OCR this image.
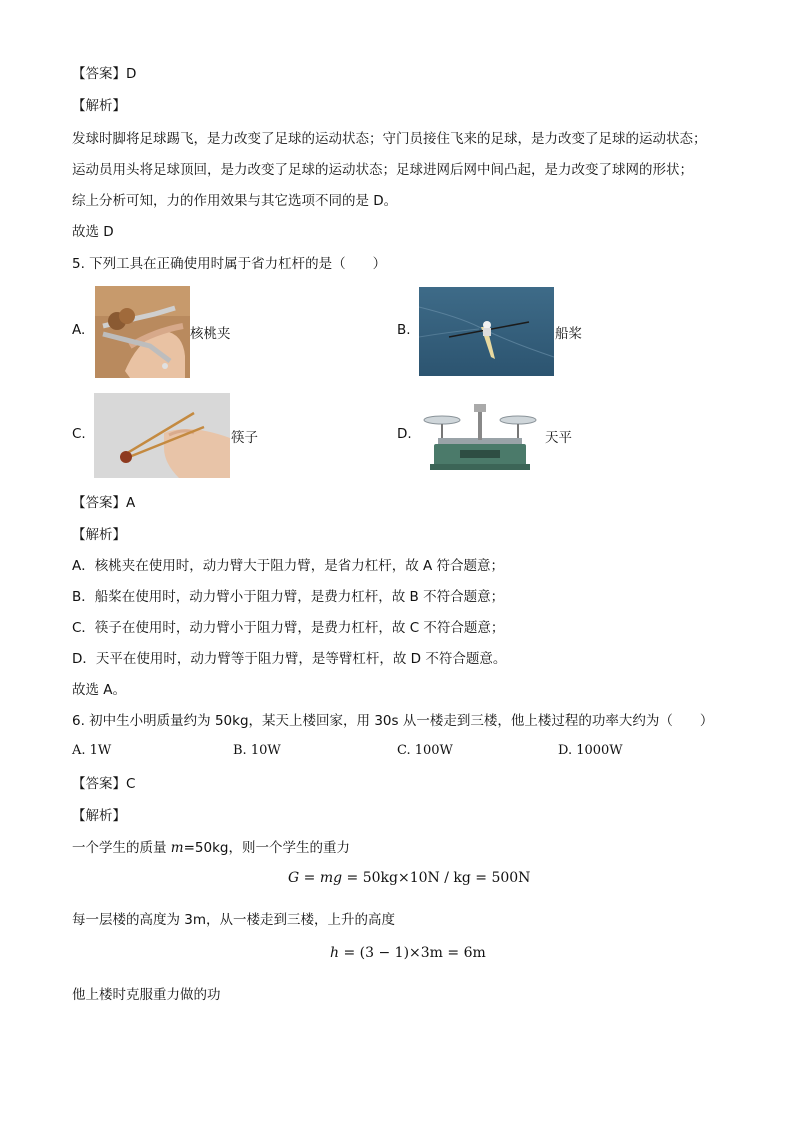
【答案】D
【解析】
发球时脚将足球踢飞，是力改变了足球的运动状态；守门员接住飞来的足球，是力改变了足球的运动状态；
运动员用头将足球顶回，是力改变了足球的运动状态；足球进网后网中间凸起，是力改变了球网的形状；
综上分析可知，力的作用效果与其它选项不同的是 D。
故选 D
5. 下列工具在正确使用时属于省力杠杆的是（　　）
A.	核桃夹	B.	船桨
C.	筷子	D.	天平
【答案】A
【解析】
A．核桃夹在使用时，动力臂大于阻力臂，是省力杠杆，故 A 符合题意；
B．船桨在使用时，动力臂小于阻力臂，是费力杠杆，故 B 不符合题意；
C．筷子在使用时，动力臂小于阻力臂，是费力杠杆，故 C 不符合题意；
D．天平在使用时，动力臂等于阻力臂，是等臂杠杆，故 D 不符合题意。
故选 A。
6. 初中生小明质量约为 50kg，某天上楼回家，用 30s 从一楼走到三楼，他上楼过程的功率大约为（　　）
A. 1W	B. 10W	C. 100W	D. 1000W
【答案】C
【解析】
一个学生的质量 m=50kg，则一个学生的重力
G = mg = 50kg×10N / kg = 500N
每一层楼的高度为 3m，从一楼走到三楼，上升的高度
h = (3 − 1)×3m = 6m
他上楼时克服重力做的功
